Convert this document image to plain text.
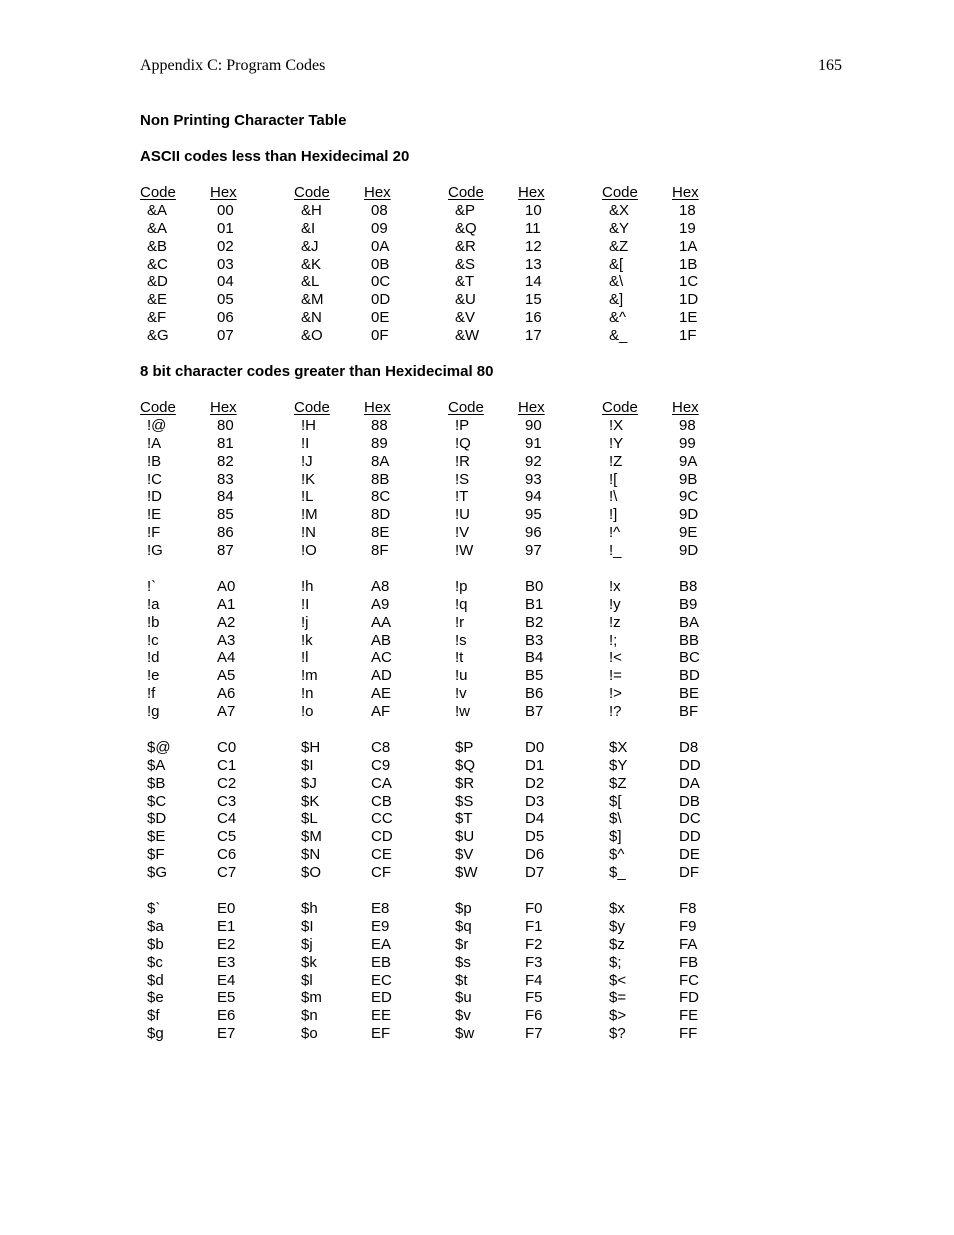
Appendix C: Program Codes	165
Non Printing Character Table
ASCII codes less than Hexidecimal 20
Code	Hex	Code	Hex	Code	Hex	Code	Hex
&A	00	&H	08	&P	10	&X	18
&A	01	&I	09	&Q	11	&Y	19
&B	02	&J	0A	&R	12	&Z	1A
&C	03	&K	0B	&S	13	&[	1B
&D	04	&L	0C	&T	14	&\	1C
&E	05	&M	0D	&U	15	&]	1D
&F	06	&N	0E	&V	16	&^	1E
&G	07	&O	0F	&W	17	&_	1F
8 bit character codes greater than Hexidecimal 80
Code	Hex	Code	Hex	Code	Hex	Code	Hex
!@	80	!H	88	!P	90	!X	98
!A	81	!I	89	!Q	91	!Y	99
!B	82	!J	8A	!R	92	!Z	9A
!C	83	!K	8B	!S	93	![	9B
!D	84	!L	8C	!T	94	!\	9C
!E	85	!M	8D	!U	95	!]	9D
!F	86	!N	8E	!V	96	!^	9E
!G	87	!O	8F	!W	97	!_	9D
!`	A0	!h	A8	!p	B0	!x	B8
!a	A1	!I	A9	!q	B1	!y	B9
!b	A2	!j	AA	!r	B2	!z	BA
!c	A3	!k	AB	!s	B3	!;	BB
!d	A4	!l	AC	!t	B4	!<	BC
!e	A5	!m	AD	!u	B5	!=	BD
!f	A6	!n	AE	!v	B6	!>	BE
!g	A7	!o	AF	!w	B7	!?	BF
$@	C0	$H	C8	$P	D0	$X	D8
$A	C1	$I	C9	$Q	D1	$Y	DD
$B	C2	$J	CA	$R	D2	$Z	DA
$C	C3	$K	CB	$S	D3	$[	DB
$D	C4	$L	CC	$T	D4	$\	DC
$E	C5	$M	CD	$U	D5	$]	DD
$F	C6	$N	CE	$V	D6	$^	DE
$G	C7	$O	CF	$W	D7	$_	DF
$`	E0	$h	E8	$p	F0	$x	F8
$a	E1	$I	E9	$q	F1	$y	F9
$b	E2	$j	EA	$r	F2	$z	FA
$c	E3	$k	EB	$s	F3	$;	FB
$d	E4	$l	EC	$t	F4	$<	FC
$e	E5	$m	ED	$u	F5	$=	FD
$f	E6	$n	EE	$v	F6	$>	FE
$g	E7	$o	EF	$w	F7	$?	FF
